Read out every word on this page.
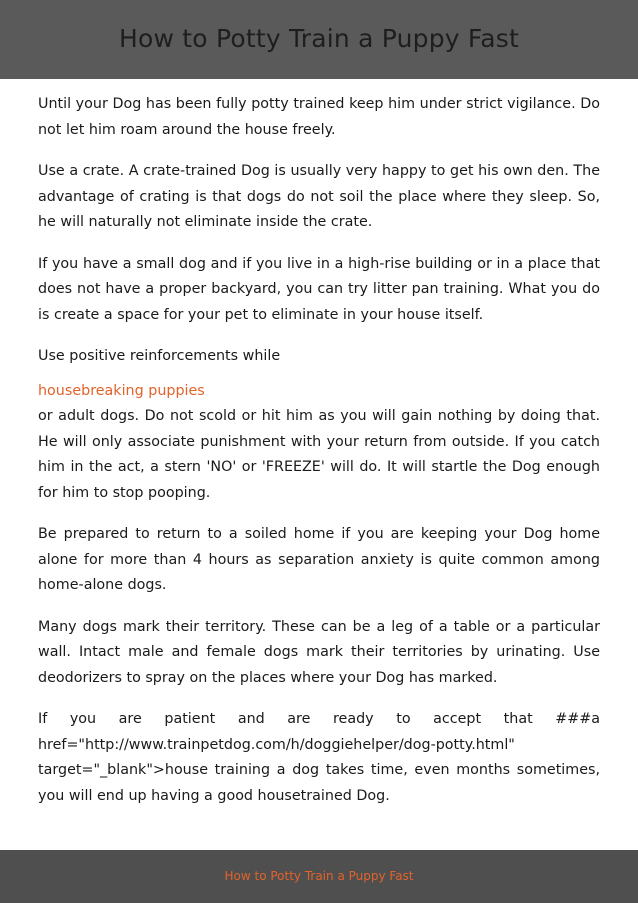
How to Potty Train a Puppy Fast

Until your Dog has been fully potty trained keep him under strict vigilance. Do not let him roam around the house freely.

Use a crate. A crate-trained Dog is usually very happy to get his own den. The advantage of crating is that dogs do not soil the place where they sleep. So, he will naturally not eliminate inside the crate.

If you have a small dog and if you live in a high-rise building or in a place that does not have a proper backyard, you can try litter pan training. What you do is create a space for your pet to eliminate in your house itself.

Use positive reinforcements while

housebreaking puppies

or adult dogs. Do not scold or hit him as you will gain nothing by doing that. He will only associate punishment with your return from outside. If you catch him in the act, a stern 'NO' or 'FREEZE' will do. It will startle the Dog enough for him to stop pooping.

Be prepared to return to a soiled home if you are keeping your Dog home alone for more than 4 hours as separation anxiety is quite common among home-alone dogs.

Many dogs mark their territory. These can be a leg of a table or a particular wall. Intact male and female dogs mark their territories by urinating. Use deodorizers to spray on the places where your Dog has marked.

If you are patient and are ready to accept that ###a href="http://www.trainpetdog.com/h/doggiehelper/dog-potty.html" target="_blank">house training a dog takes time, even months sometimes, you will end up having a good housetrained Dog.

How to Potty Train a Puppy Fast
